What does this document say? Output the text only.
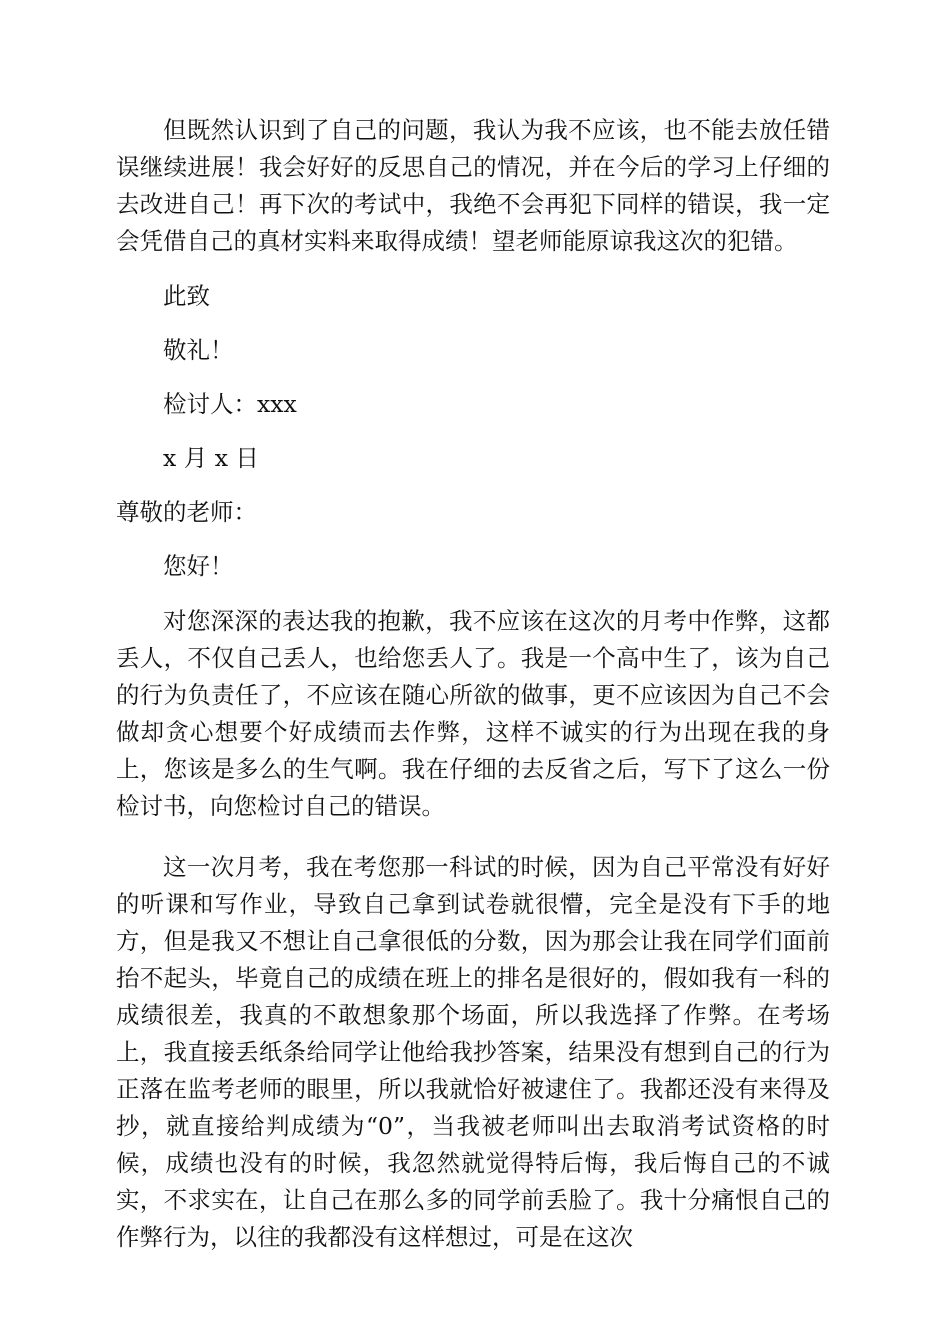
但既然认识到了自己的问题，我认为我不应该，也不能去放任错误继续进展！我会好好的反思自己的情况，并在今后的学习上仔细的去改进自己！再下次的考试中，我绝不会再犯下同样的错误，我一定会凭借自己的真材实料来取得成绩！望老师能原谅我这次的犯错。

此致

敬礼！

检讨人：xxx

x 月 x 日

尊敬的老师：

您好！

对您深深的表达我的抱歉，我不应该在这次的月考中作弊，这都丢人，不仅自己丢人，也给您丢人了。我是一个高中生了，该为自己的行为负责任了，不应该在随心所欲的做事，更不应该因为自己不会做却贪心想要个好成绩而去作弊，这样不诚实的行为出现在我的身上，您该是多么的生气啊。我在仔细的去反省之后，写下了这么一份检讨书，向您检讨自己的错误。

这一次月考，我在考您那一科试的时候，因为自己平常没有好好的听课和写作业，导致自己拿到试卷就很懵，完全是没有下手的地方，但是我又不想让自己拿很低的分数，因为那会让我在同学们面前抬不起头，毕竟自己的成绩在班上的排名是很好的，假如我有一科的成绩很差，我真的不敢想象那个场面，所以我选择了作弊。在考场上，我直接丢纸条给同学让他给我抄答案，结果没有想到自己的行为正落在监考老师的眼里，所以我就恰好被逮住了。我都还没有来得及抄，就直接给判成绩为“0”，当我被老师叫出去取消考试资格的时候，成绩也没有的时候，我忽然就觉得特后悔，我后悔自己的不诚实，不求实在，让自己在那么多的同学前丢脸了。我十分痛恨自己的作弊行为，以往的我都没有这样想过，可是在这次
